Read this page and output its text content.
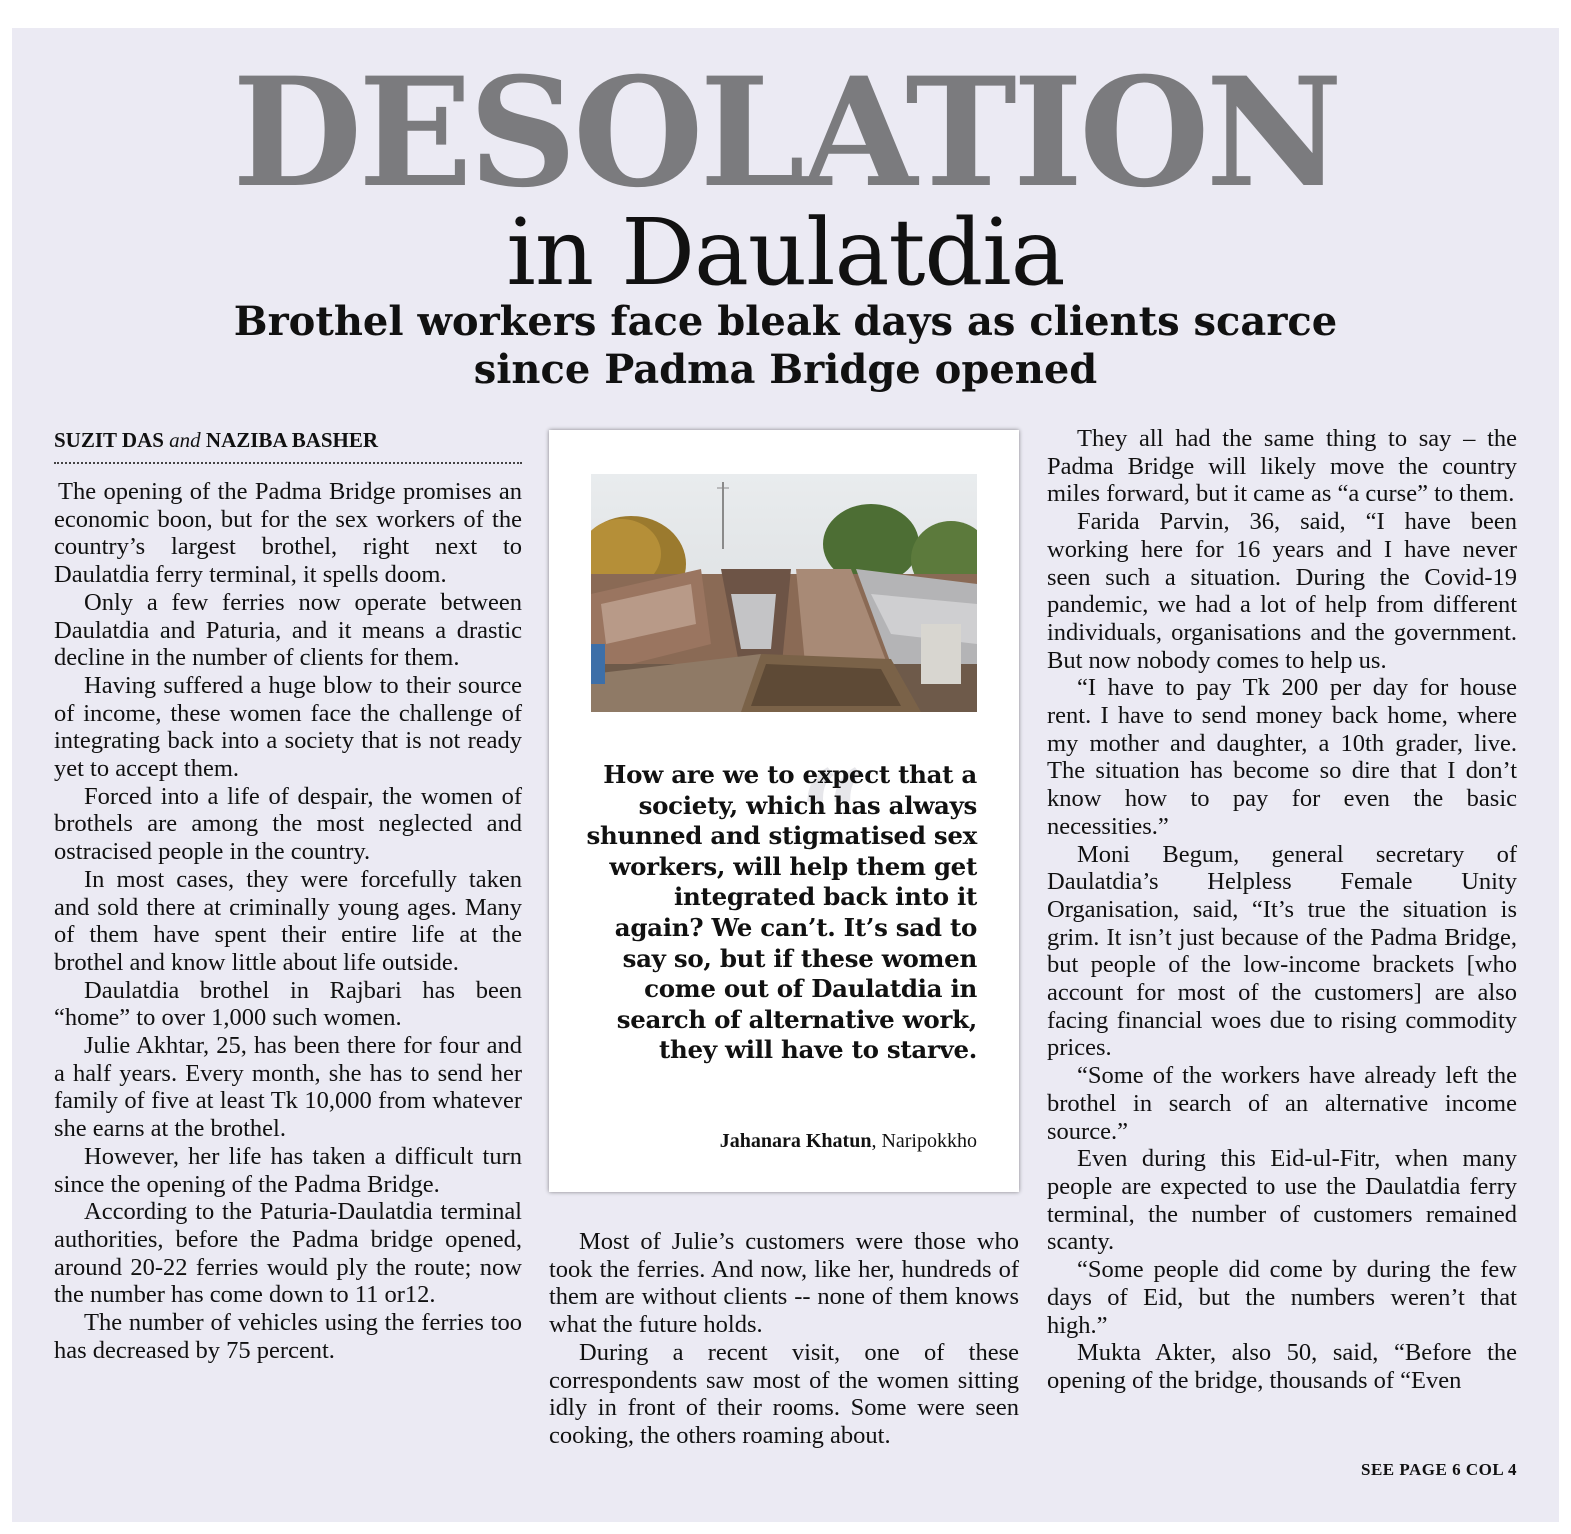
DESOLATION
in Daulatdia
Brothel workers face bleak days as clients scarce
since Padma Bridge opened
SUZIT DAS and NAZIBA BASHER

The opening of the Padma Bridge promises an economic boon, but for the sex workers of the country’s largest brothel, right next to Daulatdia ferry terminal, it spells doom.

Only a few ferries now operate between Daulatdia and Paturia, and it means a drastic decline in the number of clients for them.

Having suffered a huge blow to their source of income, these women face the challenge of integrating back into a society that is not ready yet to accept them.

Forced into a life of despair, the women of brothels are among the most neglected and ostracised people in the country.

In most cases, they were forcefully taken and sold there at criminally young ages. Many of them have spent their entire life at the brothel and know little about life outside.

Daulatdia brothel in Rajbari has been “home” to over 1,000 such women.

Julie Akhtar, 25, has been there for four and a half years. Every month, she has to send her family of five at least Tk 10,000 from whatever she earns at the brothel.

However, her life has taken a difficult turn since the opening of the Padma Bridge.

According to the Paturia-Daulatdia terminal authorities, before the Padma bridge opened, around 20-22 ferries would ply the route; now the number has come down to 11 or12.

The number of vehicles using the ferries too has decreased by 75 percent.

“
How are we to expect that a society, which has always shunned and stigmatised sex workers, will help them get integrated back into it again? We can’t. It’s sad to say so, but if these women come out of Daulatdia in search of alternative work, they will have to starve.
Jahanara Khatun, Naripokkho

Most of Julie’s customers were those who took the ferries. And now, like her, hundreds of them are without clients -- none of them knows what the future holds.

During a recent visit, one of these correspondents saw most of the women sitting idly in front of their rooms. Some were seen cooking, the others roaming about.

They all had the same thing to say – the Padma Bridge will likely move the country miles forward, but it came as “a curse” to them.

Farida Parvin, 36, said, “I have been working here for 16 years and I have never seen such a situation. During the Covid-19 pandemic, we had a lot of help from different individuals, organisations and the government. But now nobody comes to help us.

“I have to pay Tk 200 per day for house rent. I have to send money back home, where my mother and daughter, a 10th grader, live. The situation has become so dire that I don’t know how to pay for even the basic necessities.”

Moni Begum, general secretary of Daulatdia’s Helpless Female Unity Organisation, said, “It’s true the situation is grim. It isn’t just because of the Padma Bridge, but people of the low-income brackets [who account for most of the customers] are also facing financial woes due to rising commodity prices.

“Some of the workers have already left the brothel in search of an alternative income source.”

Even during this Eid-ul-Fitr, when many people are expected to use the Daulatdia ferry terminal, the number of customers remained scanty.

“Some people did come by during the few days of Eid, but the numbers weren’t that high.”

Mukta Akter, also 50, said, “Before the opening of the bridge, thousands of “Even

SEE PAGE 6 COL 4
